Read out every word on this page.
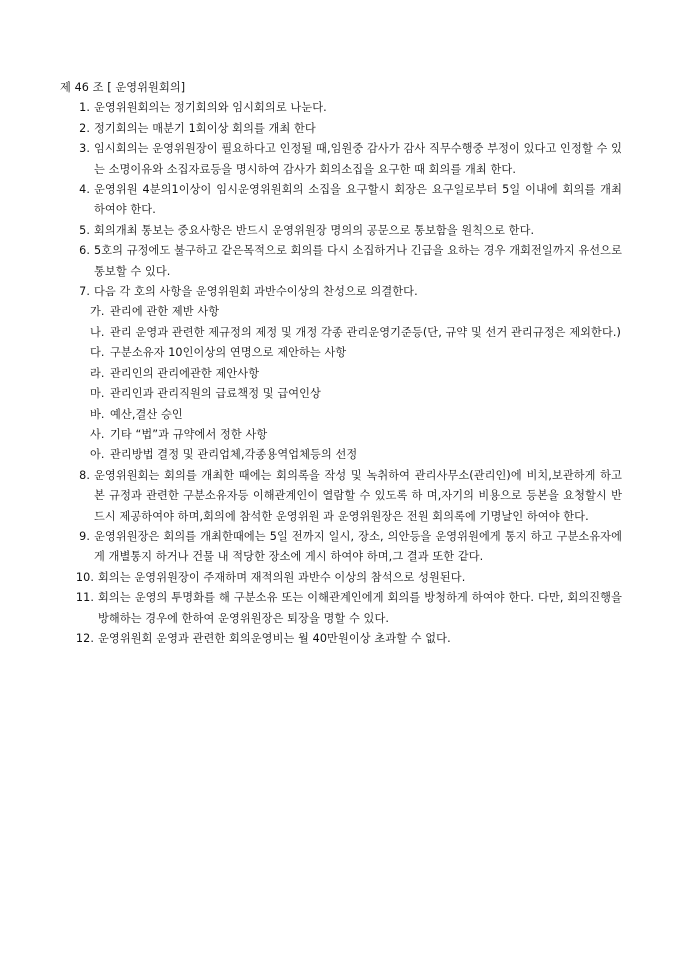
제 46 조 [ 운영위원회의]
1. 운영위원회의는 정기회의와 임시회의로 나눈다.
2. 정기회의는 매분기 1회이상 회의를 개최 한다
3. 임시회의는 운영위원장이 필요하다고 인정될 때,임원중 감사가 감사 직무수행중 부정이 있다고 인정할 수 있는 소명이유와 소집자료등을 명시하여 감사가 회의소집을 요구한 때 회의를 개최 한다.
4. 운영위원 4분의1이상이 임시운영위원회의 소집을 요구할시 회장은 요구일로부터 5일 이내에 회의를 개최 하여야 한다.
5. 회의개최 통보는 중요사항은 반드시 운영위원장 명의의 공문으로 통보함을 원칙으로 한다.
6. 5호의 규정에도 불구하고 같은목적으로 회의를 다시 소집하거나 긴급을 요하는 경우 개회전일까지 유선으로 통보할 수 있다.
7. 다음 각 호의 사항을 운영위원회 과반수이상의 찬성으로 의결한다.
가. 관리에 관한 제반 사항
나. 관리 운영과 관련한 제규정의 제정 및 개정 각종 관리운영기준등(단, 규약 및 선거 관리규정은 제외한다.)
다. 구분소유자 10인이상의 연명으로 제안하는 사항
라. 관리인의 관리에관한 제안사항
마. 관리인과 관리직원의 급료책정 및 급여인상
바. 예산,결산 승인
사. 기타 “법”과 규약에서 정한 사항
아. 관리방법 결정 및 관리업체,각종용역업체등의 선정
8. 운영위원회는 회의를 개최한 때에는 회의록을 작성 및 녹취하여 관리사무소(관리인)에 비치,보관하게 하고 본 규정과 관련한 구분소유자등 이해관계인이 열람할 수 있도록 하 며,자기의 비용으로 등본을 요청할시 반드시 제공하여야 하며,회의에 참석한 운영위원 과 운영위원장은 전원 회의록에 기명날인 하여야 한다.
9. 운영위원장은 회의를 개최한때에는 5일 전까지 일시, 장소, 의안등을 운영위원에게 통지 하고 구분소유자에게 개별통지 하거나 건물 내 적당한 장소에 게시 하여야 하며,그 결과 또한 같다.
10. 회의는 운영위원장이 주재하며 재적의원 과반수 이상의 참석으로 성원된다.
11. 회의는 운영의 투명화를 해 구분소유 또는 이해관계인에게 회의를 방청하게 하여야 한다. 다만, 회의진행을 방해하는 경우에 한하여 운영위원장은 퇴장을 명할 수 있다.
12. 운영위원회 운영과 관련한 회의운영비는 월 40만원이상 초과할 수 없다.
